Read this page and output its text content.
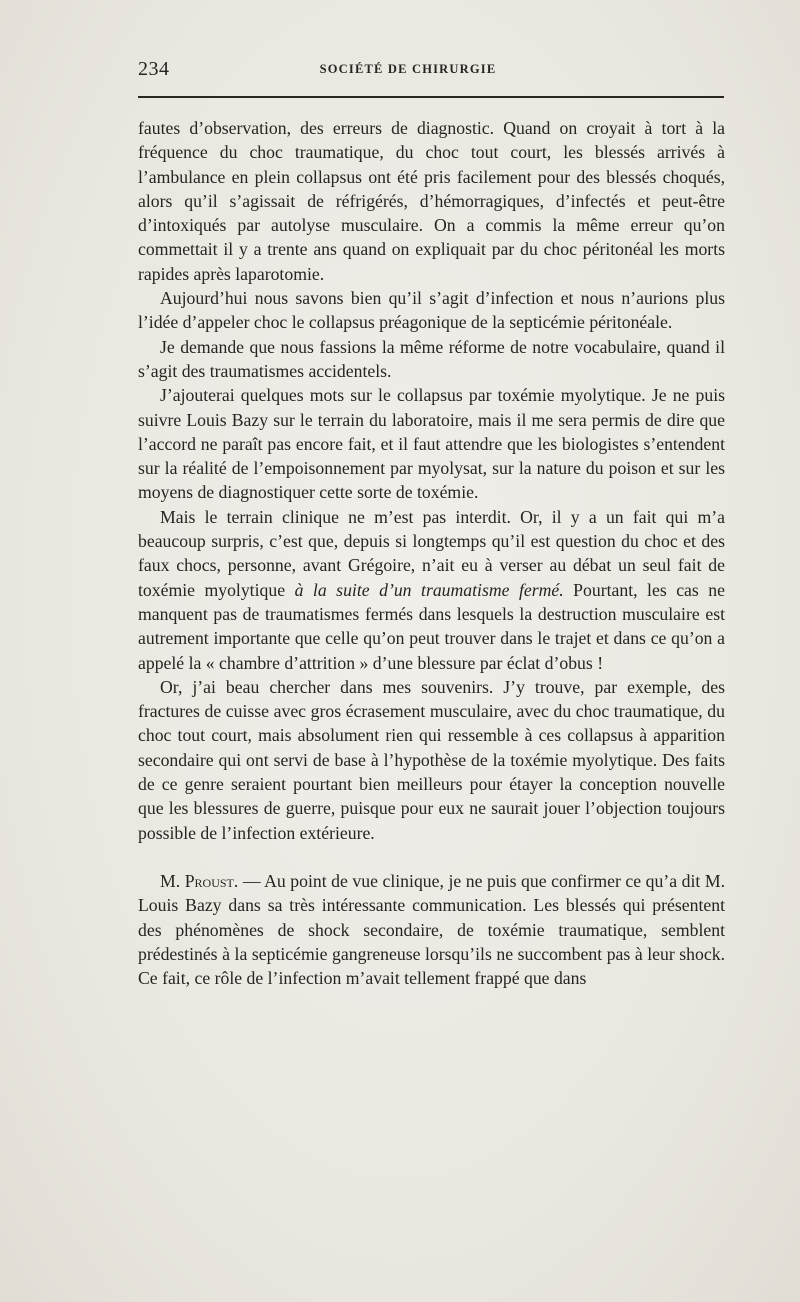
234	SOCIÉTÉ DE CHIRURGIE

fautes d’observation, des erreurs de diagnostic. Quand on croyait à tort à la fréquence du choc traumatique, du choc tout court, les blessés arrivés à l’ambulance en plein collapsus ont été pris facilement pour des blessés choqués, alors qu’il s’agissait de réfrigérés, d’hémorragiques, d’infectés et peut-être d’intoxiqués par autolyse musculaire. On a commis la même erreur qu’on commettait il y a trente ans quand on expliquait par du choc péritonéal les morts rapides après laparotomie.

Aujourd’hui nous savons bien qu’il s’agit d’infection et nous n’aurions plus l’idée d’appeler choc le collapsus préagonique de la septicémie péritonéale.

Je demande que nous fassions la même réforme de notre vocabulaire, quand il s’agit des traumatismes accidentels.

J’ajouterai quelques mots sur le collapsus par toxémie myolytique. Je ne puis suivre Louis Bazy sur le terrain du laboratoire, mais il me sera permis de dire que l’accord ne paraît pas encore fait, et il faut attendre que les biologistes s’entendent sur la réalité de l’empoisonnement par myolysat, sur la nature du poison et sur les moyens de diagnostiquer cette sorte de toxémie.

Mais le terrain clinique ne m’est pas interdit. Or, il y a un fait qui m’a beaucoup surpris, c’est que, depuis si longtemps qu’il est question du choc et des faux chocs, personne, avant Grégoire, n’ait eu à verser au débat un seul fait de toxémie myolytique à la suite d’un traumatisme fermé. Pourtant, les cas ne manquent pas de traumatismes fermés dans lesquels la destruction musculaire est autrement importante que celle qu’on peut trouver dans le trajet et dans ce qu’on a appelé la « chambre d’attrition » d’une blessure par éclat d’obus !

Or, j’ai beau chercher dans mes souvenirs. J’y trouve, par exemple, des fractures de cuisse avec gros écrasement musculaire, avec du choc traumatique, du choc tout court, mais absolument rien qui ressemble à ces collapsus à apparition secondaire qui ont servi de base à l’hypothèse de la toxémie myolytique. Des faits de ce genre seraient pourtant bien meilleurs pour étayer la conception nouvelle que les blessures de guerre, puisque pour eux ne saurait jouer l’objection toujours possible de l’infection extérieure.

M. Proust. — Au point de vue clinique, je ne puis que confirmer ce qu’a dit M. Louis Bazy dans sa très intéressante communication. Les blessés qui présentent des phénomènes de shock secondaire, de toxémie traumatique, semblent prédestinés à la septicémie gangreneuse lorsqu’ils ne succombent pas à leur shock. Ce fait, ce rôle de l’infection m’avait tellement frappé que dans
